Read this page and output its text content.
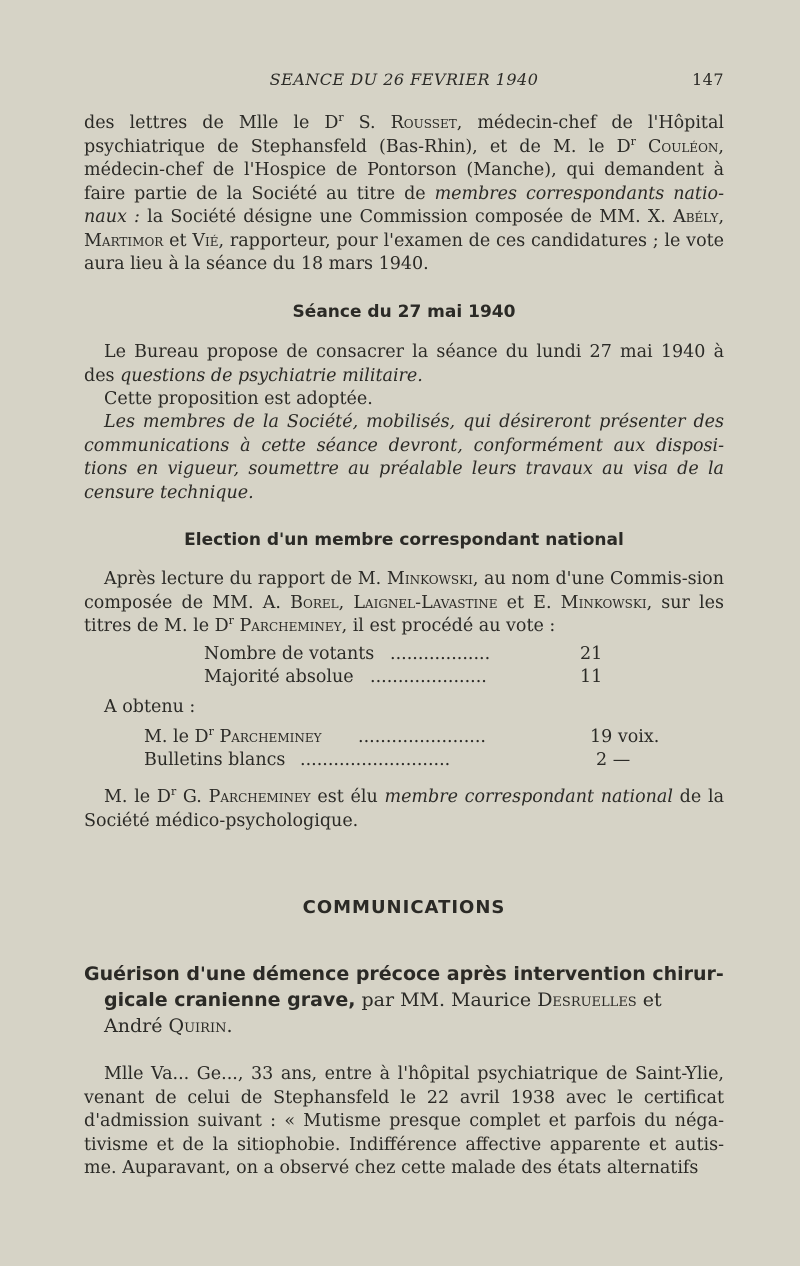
SEANCE DU 26 FEVRIER 1940	147
des lettres de Mlle le $D^r$ S. Rousset, médecin-chef de l'Hôpital psychiatrique de Stephansfeld (Bas-Rhin), et de M. le $D^r$ Couléon, médecin-chef de l'Hospice de Pontorson (Manche), qui demandent à faire partie de la Société au titre de membres correspondants natio-naux : la Société désigne une Commission composée de MM. X. Abély, Martimor et Vié, rapporteur, pour l'examen de ces candidatures ; le vote aura lieu à la séance du 18 mars 1940.
Séance du 27 mai 1940
Le Bureau propose de consacrer la séance du lundi 27 mai 1940 à des questions de psychiatrie militaire.
Cette proposition est adoptée.
Les membres de la Société, mobilisés, qui désireront présenter des communications à cette séance devront, conformément aux disposi-tions en vigueur, soumettre au préalable leurs travaux au visa de la censure technique.
Election d'un membre correspondant national
Après lecture du rapport de M. Minkowski, au nom d'une Commis-sion composée de MM. A. Borel, Laignel-Lavastine et E. Minkowski, sur les titres de M. le $D^r$ Parcheminey, il est procédé au vote :
Nombre de votants ..................	21
Majorité absolue .....................	11
A obtenu :
M. le $D^r$ Parcheminey .......................	19 voix.
Bulletins blancs ...........................	2 —
M. le $D^r$ G. Parcheminey est élu membre correspondant national de la Société médico-psychologique.
COMMUNICATIONS
Guérison d'une démence précoce après intervention chirur-
gicale cranienne grave, par MM. Maurice Desruelles et
André Quirin.
Mlle Va... Ge..., 33 ans, entre à l'hôpital psychiatrique de Saint-Ylie, venant de celui de Stephansfeld le 22 avril 1938 avec le certificat d'admission suivant : « Mutisme presque complet et parfois du néga-tivisme et de la sitiophobie. Indifférence affective apparente et autis-me. Auparavant, on a observé chez cette malade des états alternatifs
